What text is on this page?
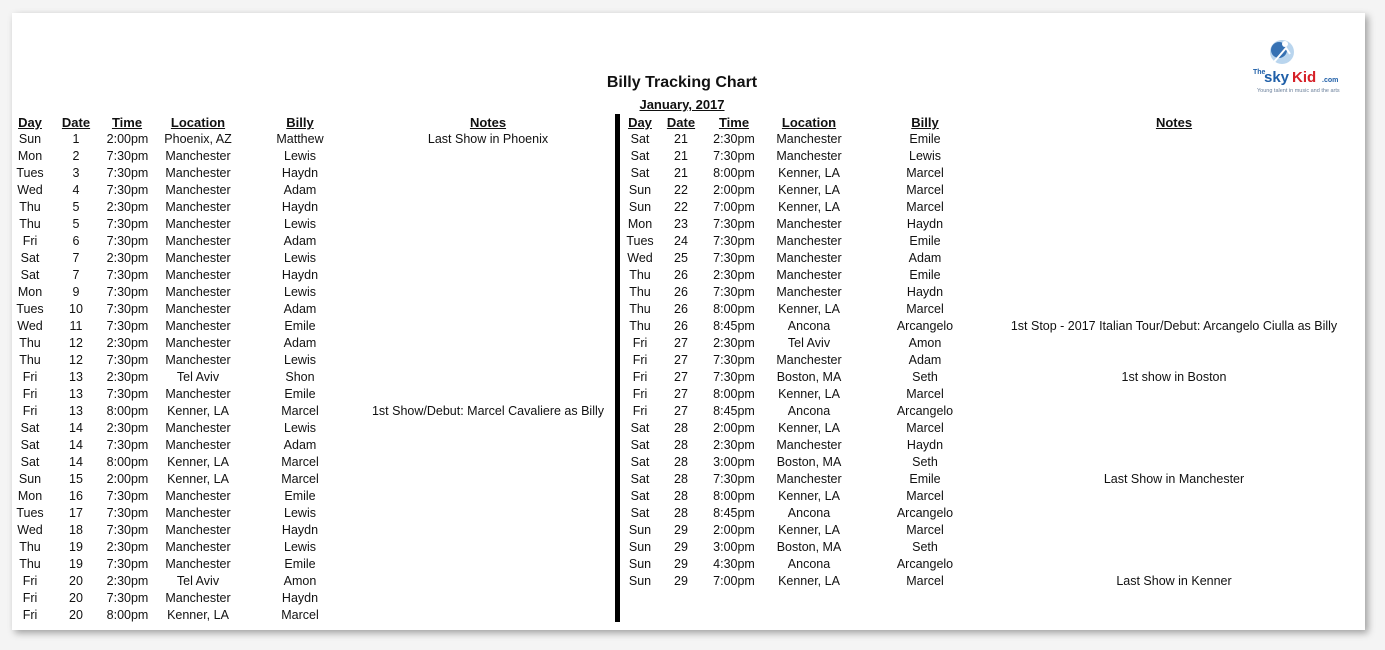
The
sky Kid .com
Young talent in music and the arts
Billy Tracking Chart
January, 2017
Day	Date	Time	Location	Billy	Notes	Day	Date	Time	Location	Billy	Notes
Sun	1	2:00pm	Phoenix, AZ	Matthew	Last Show in Phoenix
Mon	2	7:30pm	Manchester	Lewis
Tues	3	7:30pm	Manchester	Haydn
Wed	4	7:30pm	Manchester	Adam
Thu	5	2:30pm	Manchester	Haydn
Thu	5	7:30pm	Manchester	Lewis
Fri	6	7:30pm	Manchester	Adam
Sat	7	2:30pm	Manchester	Lewis
Sat	7	7:30pm	Manchester	Haydn
Mon	9	7:30pm	Manchester	Lewis
Tues	10	7:30pm	Manchester	Adam
Wed	11	7:30pm	Manchester	Emile
Thu	12	2:30pm	Manchester	Adam
Thu	12	7:30pm	Manchester	Lewis
Fri	13	2:30pm	Tel Aviv	Shon
Fri	13	7:30pm	Manchester	Emile
Fri	13	8:00pm	Kenner, LA	Marcel	1st Show/Debut: Marcel Cavaliere as Billy
Sat	14	2:30pm	Manchester	Lewis
Sat	14	7:30pm	Manchester	Adam
Sat	14	8:00pm	Kenner, LA	Marcel
Sun	15	2:00pm	Kenner, LA	Marcel
Mon	16	7:30pm	Manchester	Emile
Tues	17	7:30pm	Manchester	Lewis
Wed	18	7:30pm	Manchester	Haydn
Thu	19	2:30pm	Manchester	Lewis
Thu	19	7:30pm	Manchester	Emile
Fri	20	2:30pm	Tel Aviv	Amon
Fri	20	7:30pm	Manchester	Haydn
Fri	20	8:00pm	Kenner, LA	Marcel
Sat	21	2:30pm	Manchester	Emile
Sat	21	7:30pm	Manchester	Lewis
Sat	21	8:00pm	Kenner, LA	Marcel
Sun	22	2:00pm	Kenner, LA	Marcel
Sun	22	7:00pm	Kenner, LA	Marcel
Mon	23	7:30pm	Manchester	Haydn
Tues	24	7:30pm	Manchester	Emile
Wed	25	7:30pm	Manchester	Adam
Thu	26	2:30pm	Manchester	Emile
Thu	26	7:30pm	Manchester	Haydn
Thu	26	8:00pm	Kenner, LA	Marcel
Thu	26	8:45pm	Ancona	Arcangelo	1st Stop - 2017 Italian Tour/Debut: Arcangelo Ciulla as Billy
Fri	27	2:30pm	Tel Aviv	Amon
Fri	27	7:30pm	Manchester	Adam
Fri	27	7:30pm	Boston, MA	Seth	1st show in Boston
Fri	27	8:00pm	Kenner, LA	Marcel
Fri	27	8:45pm	Ancona	Arcangelo
Sat	28	2:00pm	Kenner, LA	Marcel
Sat	28	2:30pm	Manchester	Haydn
Sat	28	3:00pm	Boston, MA	Seth
Sat	28	7:30pm	Manchester	Emile	Last Show in Manchester
Sat	28	8:00pm	Kenner, LA	Marcel
Sat	28	8:45pm	Ancona	Arcangelo
Sun	29	2:00pm	Kenner, LA	Marcel
Sun	29	3:00pm	Boston, MA	Seth
Sun	29	4:30pm	Ancona	Arcangelo
Sun	29	7:00pm	Kenner, LA	Marcel	Last Show in Kenner
